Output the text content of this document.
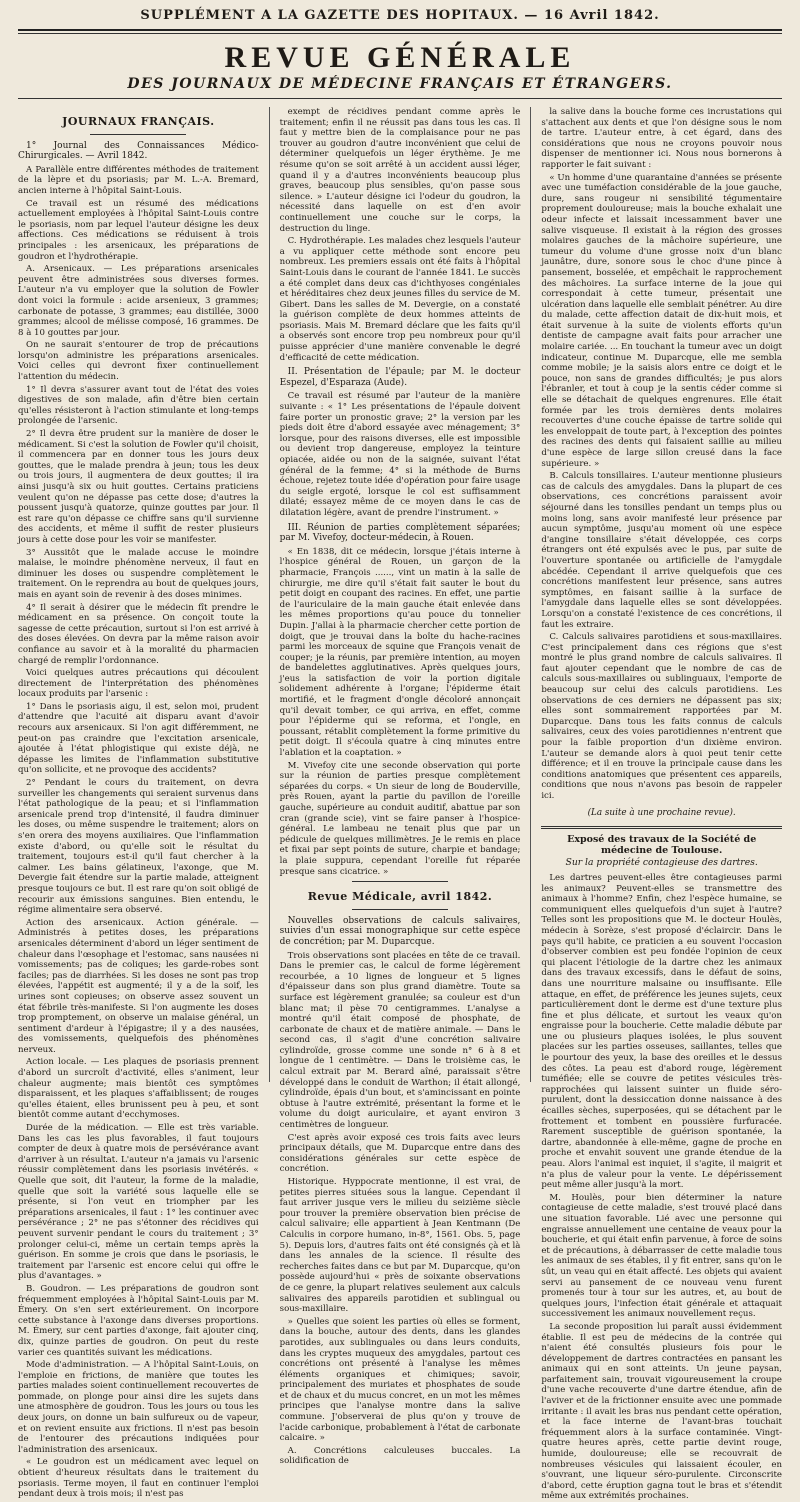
SUPPLÉMENT A LA GAZETTE DES HOPITAUX. — 16 Avril 1842.
REVUE GÉNÉRALE
DES JOURNAUX DE MÉDECINE FRANÇAIS ET ÉTRANGERS.
JOURNAUX FRANÇAIS.
1° Journal des Connaissances Médico-Chirurgicales. — Avril 1842.

A Parallèle entre différentes méthodes de traitement de la lèpre et du psoriasis; par M. L.-A. Bremard, ancien interne à l'hôpital Saint-Louis.

Ce travail est un résumé des médications actuellement employées à l'hôpital Saint-Louis contre le psoriasis, nom par lequel l'auteur désigne les deux affections. Ces médications se réduisent à trois principales : les arsenicaux, les préparations de goudron et l'hydrothérapie.

A. Arsenicaux. — Les préparations arsenicales peuvent être administrées sous diverses formes. L'auteur n'a vu employer que la solution de Fowler dont voici la formule : acide arsenieux, 3 grammes; carbonate de potasse, 3 grammes; eau distillée, 3000 grammes; alcool de mélisse composé, 16 grammes. De 8 à 10 gouttes par jour.

On ne saurait s'entourer de trop de précautions lorsqu'on administre les préparations arsenicales. Voici celles qui devront fixer continuellement l'attention du médecin.

1° Il devra s'assurer avant tout de l'état des voies digestives de son malade, afin d'être bien certain qu'elles résisteront à l'action stimulante et long-temps prolongée de l'arsenic.

2° Il devra être prudent sur la manière de doser le médicament. Si c'est la solution de Fowler qu'il choisit, il commencera par en donner tous les jours deux gouttes, que le malade prendra à jeun; tous les deux ou trois jours, il augmentera de deux gouttes; il ira ainsi jusqu'à six ou huit gouttes. Certains praticiens veulent qu'on ne dépasse pas cette dose; d'autres la poussent jusqu'à quatorze, quinze gouttes par jour. Il est rare qu'on dépasse ce chiffre sans qu'il survienne des accidents, et même il suffit de rester plusieurs jours à cette dose pour les voir se manifester.

3° Aussitôt que le malade accuse le moindre malaise, le moindre phénomène nerveux, il faut en diminuer les doses ou suspendre complètement le traitement. On le reprendra au bout de quelques jours, mais en ayant soin de revenir à des doses minimes.

4° Il serait à désirer que le médecin fît prendre le médicament en sa présence. On conçoit toute la sagesse de cette précaution, surtout si l'on est arrivé à des doses élevées. On devra par la même raison avoir confiance au savoir et à la moralité du pharmacien chargé de remplir l'ordonnance.

Voici quelques autres précautions qui découlent directement de l'interprétation des phénomènes locaux produits par l'arsenic :

1° Dans le psoriasis aigu, il est, selon moi, prudent d'attendre que l'acuité ait disparu avant d'avoir recours aux arsenicaux. Si l'on agit différemment, ne peut-on pas craindre que l'excitation arsenicale, ajoutée à l'état phlogistique qui existe déjà, ne dépasse les limites de l'inflammation substitutive qu'on sollicite, et ne provoque des accidents?

2° Pendant le cours du traitement, on devra surveiller les changements qui seraient survenus dans l'état pathologique de la peau; et si l'inflammation arsenicale prend trop d'intensité, il faudra diminuer les doses, ou même suspendre le traitement; alors on s'en orera des moyens auxiliaires. Que l'inflammation existe d'abord, ou qu'elle soit le résultat du traitement, toujours est-il qu'il faut chercher à la calmer. Les bains gélatineux, l'axonge, que M. Devergie fait étendre sur la partie malade, atteignent presque toujours ce but. Il est rare qu'on soit obligé de recourir aux émissions sanguines. Bien entendu, le régime alimentaire sera observé.

Action des arsenicaux. Action générale. — Administrés à petites doses, les préparations arsenicales déterminent d'abord un léger sentiment de chaleur dans l'œsophage et l'estomac, sans nausées ni vomissements; pas de coliques; les garde-robes sont faciles; pas de diarrhées. Si les doses ne sont pas trop élevées, l'appétit est augmenté; il y a de la soif, les urines sont copieuses; on observe assez souvent un état fébrile très-manifeste. Si l'on augmente les doses trop promptement, on observe un malaise général, un sentiment d'ardeur à l'épigastre; il y a des nausées, des vomissements, quelquefois des phénomènes nerveux.

Action locale. — Les plaques de psoriasis prennent d'abord un surcroît d'activité, elles s'animent, leur chaleur augmente; mais bientôt ces symptômes disparaissent, et les plaques s'affaiblissent; de rouges qu'elles étaient, elles brunissent peu à peu, et sont bientôt comme autant d'ecchymoses.

Durée de la médication. — Elle est très variable. Dans les cas les plus favorables, il faut toujours compter de deux à quatre mois de persévérance avant d'arriver à un résultat. L'auteur n'a jamais vu l'arsenic réussir complètement dans les psoriasis invétérés. « Quelle que soit, dit l'auteur, la forme de la maladie, quelle que soit la variété sous laquelle elle se présente, si l'on veut en triompher par les préparations arsenicales, il faut : 1° les continuer avec persévérance ; 2° ne pas s'étonner des récidives qui peuvent survenir pendant le cours du traitement ; 3° prolonger celui-ci, même un certain temps après la guérison. En somme je crois que dans le psoriasis, le traitement par l'arsenic est encore celui qui offre le plus d'avantages. »

B. Goudron. — Les préparations de goudron sont fréquemment employées à l'hôpital Saint-Louis par M. Émery. On s'en sert extérieurement. On incorpore cette substance à l'axonge dans diverses proportions. M. Émery, sur cent parties d'axonge, fait ajouter cinq, dix, quinze parties de goudron. On peut du reste varier ces quantités suivant les médications.

Mode d'administration. — A l'hôpital Saint-Louis, on l'emploie en frictions, de manière que toutes les parties malades soient continuellement recouvertes de pommade, on plonge pour ainsi dire les sujets dans une atmosphère de goudron. Tous les jours ou tous les deux jours, on donne un bain sulfureux ou de vapeur, et on revient ensuite aux frictions. Il n'est pas besoin de l'entourer des précautions indiquées pour l'administration des arsenicaux.

« Le goudron est un médicament avec lequel on obtient d'heureux résultats dans le traitement du psoriasis. Terme moyen, il faut en continuer l'emploi pendant deux à trois mois; il n'est pas

exempt de récidives pendant comme après le traitement; enfin il ne réussit pas dans tous les cas. Il faut y mettre bien de la complaisance pour ne pas trouver au goudron d'autre inconvénient que celui de déterminer quelquefois un léger érythème. Je me résume qu'on se soit arrêté à un accident aussi léger, quand il y a d'autres inconvénients beaucoup plus graves, beaucoup plus sensibles, qu'on passe sous silence. » L'auteur désigne ici l'odeur du goudron, la nécessité dans laquelle on est d'en avoir continuellement une couche sur le corps, la destruction du linge.

C. Hydrothérapie. Les malades chez lesquels l'auteur a vu appliquer cette méthode sont encore peu nombreux. Les premiers essais ont été faits à l'hôpital Saint-Louis dans le courant de l'année 1841. Le succès a été complet dans deux cas d'ichthyoses congéniales et héréditaires chez deux jeunes filles du service de M. Gibert. Dans les salles de M. Devergie, on a constaté la guérison complète de deux hommes atteints de psoriasis. Mais M. Bremard déclare que les faits qu'il a observés sont encore trop peu nombreux pour qu'il puisse apprécier d'une manière convenable le degré d'efficacité de cette médication.

II. Présentation de l'épaule; par M. le docteur Espezel, d'Esparaza (Aude).

Ce travail est résumé par l'auteur de la manière suivante : « 1° Les présentations de l'épaule doivent faire porter un pronostic grave; 2° la version par les pieds doit être d'abord essayée avec ménagement; 3° lorsque, pour des raisons diverses, elle est impossible ou devient trop dangereuse, employez la teinture opiacée, aidée ou non de la saignée, suivant l'état général de la femme; 4° si la méthode de Burns échoue, rejetez toute idée d'opération pour faire usage du seigle ergoté, lorsque le col est suffisamment dilaté; essayez même de ce moyen dans le cas de dilatation légère, avant de prendre l'instrument. »

III. Réunion de parties complètement séparées; par M. Vivefoy, docteur-médecin, à Rouen.

« En 1838, dit ce médecin, lorsque j'étais interne à l'hospice général de Rouen, un garçon de la pharmacie, François ......, vint un matin à la salle de chirurgie, me dire qu'il s'était fait sauter le bout du petit doigt en coupant des racines. En effet, une partie de l'auriculaire de la main gauche était enlevée dans les mêmes proportions qu'au pouce du tonnelier Dupin. J'allai à la pharmacie chercher cette portion de doigt, que je trouvai dans la boîte du hache-racines parmi les morceaux de squine que François venait de couper; je la réunis, par première intention, au moyen de bandelettes agglutinatives. Après quelques jours, j'eus la satisfaction de voir la portion digitale solidement adhérente à l'organe; l'épiderme était mortifié, et le fragment d'ongle décoloré annonçait qu'il devait tomber, ce qui arriva, en effet, comme pour l'épiderme qui se reforma, et l'ongle, en poussant, rétablit complètement la forme primitive du petit doigt. Il s'écoula quatre à cinq minutes entre l'ablation et la coaptation. »

M. Vivefoy cite une seconde observation qui porte sur la réunion de parties presque complètement séparées du corps. « Un sieur de long de Bouderville, près Rouen, ayant la partie du pavillon de l'oreille gauche, supérieure au conduit auditif, abattue par son cran (grande scie), vint se faire panser à l'hospice-général. Le lambeau ne tenait plus que par un pédicule de quelques millimètres. Je le remis en place et fixai par sept points de suture, charpie et bandage; la plaie suppura, cependant l'oreille fut réparée presque sans cicatrice. »

Revue Médicale, avril 1842.
Nouvelles observations de calculs salivaires, suivies d'un essai monographique sur cette espèce de concrétion; par M. Duparcque.

Trois observations sont placées en tête de ce travail. Dans le premier cas, le calcul de forme légèrement recourbée, a 10 lignes de longueur et 5 lignes d'épaisseur dans son plus grand diamètre. Toute sa surface est légèrement granulée; sa couleur est d'un blanc mat; il pèse 70 centigrammes. L'analyse a montré qu'il était composé de phosphate, de carbonate de chaux et de matière animale. — Dans le second cas, il s'agit d'une concrétion salivaire cylindroïde, grosse comme une sonde n° 6 à 8 et longue de 1 centimètre. — Dans le troisième cas, le calcul extrait par M. Berard aîné, paraissait s'être développé dans le conduit de Warthon; il était allongé, cylindroïde, épais d'un bout, et s'amincissant en pointe obtuse à l'autre extrémité, présentant la forme et le volume du doigt auriculaire, et ayant environ 3 centimètres de longueur.

C'est après avoir exposé ces trois faits avec leurs principaux détails, que M. Duparcque entre dans des considérations générales sur cette espèce de concrétion.

Historique. Hyppocrate mentionne, il est vrai, de petites pierres situées sous la langue. Cependant il faut arriver jusque vers le milieu du seizième siècle pour trouver la première observation bien précise de calcul salivaire; elle appartient à Jean Kentmann (De Calculis in corpore humano, in-8°, 1561. Obs. 5, page 5). Depuis lors, d'autres faits ont été consignés çà et là dans les annales de la science. Il résulte des recherches faites dans ce but par M. Duparcque, qu'on possède aujourd'hui « près de soixante observations de ce genre, la plupart relatives seulement aux calculs salivaires des appareils parotidien et sublingual ou sous-maxillaire.

» Quelles que soient les parties où elles se forment, dans la bouche, autour des dents, dans les glandes parotides, aux sublinguales ou dans leurs conduits, dans les cryptes muqueux des amygdales, partout ces concrétions ont présenté à l'analyse les mêmes éléments organiques et chimiques; savoir, principalement des muriates et phosphates de soude et de chaux et du mucus concret, en un mot les mêmes principes que l'analyse montre dans la salive commune. J'observerai de plus qu'on y trouve de l'acide carbonique, probablement à l'état de carbonate calcaire. »

A. Concrétions calculeuses buccales. La solidification de

la salive dans la bouche forme ces incrustations qui s'attachent aux dents et que l'on désigne sous le nom de tartre. L'auteur entre, à cet égard, dans des considérations que nous ne croyons pouvoir nous dispenser de mentionner ici. Nous nous bornerons à rapporter le fait suivant :

« Un homme d'une quarantaine d'années se présente avec une tuméfaction considérable de la joue gauche, dure, sans rougeur ni sensibilité tégumentaire proprement douloureuse; mais la bouche exhalait une odeur infecte et laissait incessamment baver une salive visqueuse. Il existait à la région des grosses molaires gauches de la mâchoire supérieure, une tumeur du volume d'une grosse noix d'un blanc jaunâtre, dure, sonore sous le choc d'une pince à pansement, bosselée, et empêchait le rapprochement des mâchoires. La surface interne de la joue qui correspondait à cette tumeur, présentait une ulcération dans laquelle elle semblait pénétrer. Au dire du malade, cette affection datait de dix-huit mois, et était survenue à la suite de violents efforts qu'un dentiste de campagne avait faits pour arracher une molaire cariée. ... En touchant la tumeur avec un doigt indicateur, continue M. Duparcque, elle me sembla comme mobile; je la saisis alors entre ce doigt et le pouce, non sans de grandes difficultés; je pus alors l'ébranler, et tout à coup je la sentis céder comme si elle se détachait de quelques engrenures. Elle était formée par les trois dernières dents molaires recouvertes d'une couche épaisse de tartre solide qui les enveloppait de toute part, à l'exception des pointes des racines des dents qui faisaient saillie au milieu d'une espèce de large sillon creusé dans la face supérieure. »

B. Calculs tonsillaires. L'auteur mentionne plusieurs cas de calculs des amygdales. Dans la plupart de ces observations, ces concrétions paraissent avoir séjourné dans les tonsilles pendant un temps plus ou moins long, sans avoir manifesté leur présence par aucun symptôme, jusqu'au moment où une espèce d'angine tonsillaire s'était développée, ces corps étrangers ont été expulsés avec le pus, par suite de l'ouverture spontanée ou artificielle de l'amygdale abcédée. Cependant il arrive quelquefois que ces concrétions manifestent leur présence, sans autres symptômes, en faisant saillie à la surface de l'amygdale dans laquelle elles se sont développées. Lorsqu'on a constaté l'existence de ces concrétions, il faut les extraire.

C. Calculs salivaires parotidiens et sous-maxillaires. C'est principalement dans ces régions que s'est montré le plus grand nombre de calculs salivaires. Il faut ajouter cependant que le nombre de cas de calculs sous-maxillaires ou sublinguaux, l'emporte de beaucoup sur celui des calculs parotidiens. Les observations de ces derniers ne dépassent pas six; elles sont sommairement rapportées par M. Duparcque. Dans tous les faits connus de calculs salivaires, ceux des voies parotidiennes n'entrent que pour la faible proportion d'un dixième environ. L'auteur se demande alors à quoi peut tenir cette différence; et il en trouve la principale cause dans les conditions anatomiques que présentent ces appareils, conditions que nous n'avons pas besoin de rappeler ici.

(La suite à une prochaine revue).
Exposé des travaux de la Société de médecine de Toulouse.
Sur la propriété contagieuse des dartres.

Les dartres peuvent-elles être contagieuses parmi les animaux? Peuvent-elles se transmettre des animaux à l'homme? Enfin, chez l'espèce humaine, se communiquent elles quelquefois d'un sujet à l'autre? Telles sont les propositions que M. le docteur Houlès, médecin à Sorèze, s'est proposé d'éclaircir. Dans le pays qu'il habite, ce praticien a eu souvent l'occasion d'observer combien est peu fondée l'opinion de ceux qui placent l'étiologie de la dartre chez les animaux dans des travaux excessifs, dans le défaut de soins, dans une nourriture malsaine ou insuffisante. Elle attaque, en effet, de préférence les jeunes sujets, ceux particulièrement dont le derme est d'une texture plus fine et plus délicate, et surtout les veaux qu'on engraisse pour la boucherie. Cette maladie débute par une ou plusieurs plaques isolées, le plus souvent placées sur les parties osseuses, saillantes, telles que le pourtour des yeux, la base des oreilles et le dessus des côtes. La peau est d'abord rouge, légèrement tuméfiée; elle se couvre de petites vésicules très-rapprochées qui laissent suinter un fluide séro-purulent, dont la dessiccation donne naissance à des écailles sèches, superposées, qui se détachent par le frottement et tombent en poussière furfuracée. Rarement susceptible de guérison spontanée, la dartre, abandonnée à elle-même, gagne de proche en proche et envahit souvent une grande étendue de la peau. Alors l'animal est inquiet, il s'agite, il maigrit et n'a plus de valeur pour la vente. Le dépérissement peut même aller jusqu'à la mort.

M. Houlès, pour bien déterminer la nature contagieuse de cette maladie, s'est trouvé placé dans une situation favorable. Lié avec une personne qui engraisse annuellement une centaine de veaux pour la boucherie, et qui était enfin parvenue, à force de soins et de précautions, à débarrasser de cette maladie tous les animaux de ses étables, il y fit entrer, sans qu'on le sût, un veau qui en était affecté. Les objets qui avaient servi au pansement de ce nouveau venu furent promenés tour à tour sur les autres, et, au bout de quelques jours, l'infection était générale et attaquait successivement les animaux nouvellement reçus.

La seconde proposition lui paraît aussi évidemment établie. Il est peu de médecins de la contrée qui n'aient été consultés plusieurs fois pour le développement de dartres contractées en pansant les animaux qui en sont atteints. Un jeune paysan, parfaitement sain, trouvait vigoureusement la croupe d'une vache recouverte d'une dartre étendue, afin de l'aviver et de la frictionner ensuite avec une pommade irritante : il avait les bras nus pendant cette opération, et la face interne de l'avant-bras touchait fréquemment alors à la surface contaminée. Vingt-quatre heures après, cette partie devint rouge, humide, douloureuse; elle se recouvrait de nombreuses vésicules qui laissaient écouler, en s'ouvrant, une liqueur séro-purulente. Circonscrite d'abord, cette éruption gagna tout le bras et s'étendit même aux extrémités prochaines.
